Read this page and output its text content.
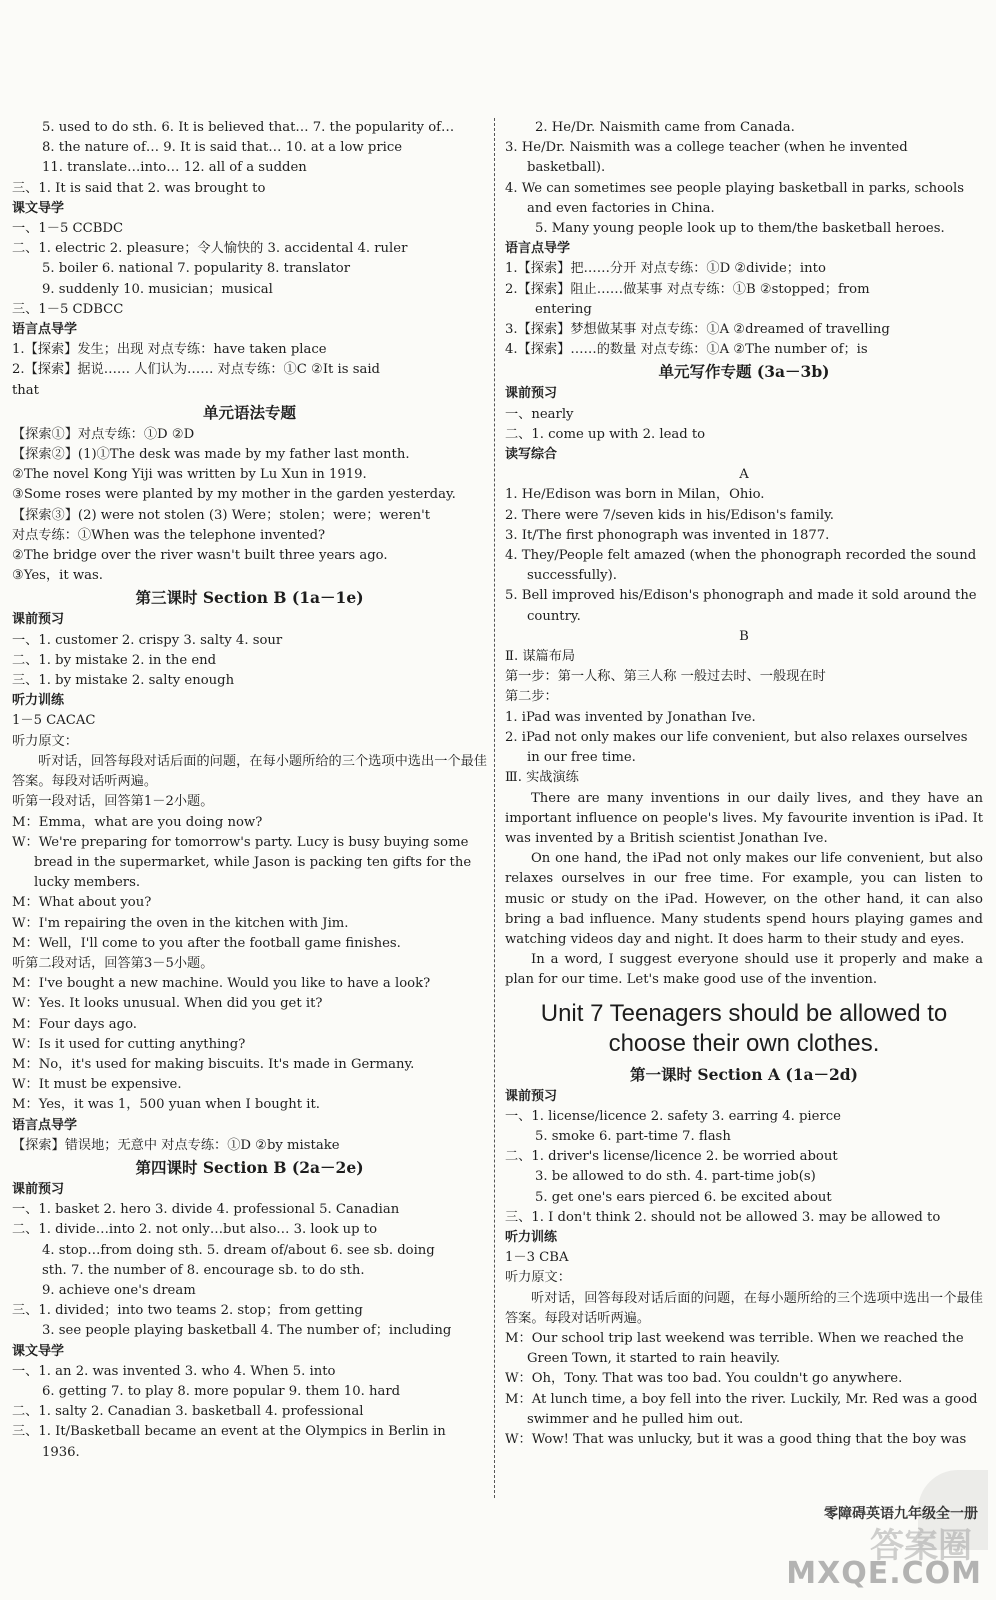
5. used to do sth. 6. It is believed that… 7. the popularity of…
8. the nature of… 9. It is said that… 10. at a low price
11. translate…into… 12. all of a sudden
三、1. It is said that 2. was brought to
课文导学
一、1－5 CCBDC
二、1. electric 2. pleasure；令人愉快的 3. accidental 4. ruler
5. boiler 6. national 7. popularity 8. translator
9. suddenly 10. musician；musical
三、1－5 CDBCC
语言点导学
1.【探索】发生；出现 对点专练：have taken place
2.【探索】据说…… 人们认为…… 对点专练：①C ②It is said
that
单元语法专题
【探索①】对点专练：①D ②D
【探索②】(1)①The desk was made by my father last month.
②The novel Kong Yiji was written by Lu Xun in 1919.
③Some roses were planted by my mother in the garden yesterday.
【探索③】(2) were not stolen (3) Were；stolen；were；weren't
对点专练：①When was the telephone invented?
②The bridge over the river wasn't built three years ago.
③Yes，it was.
第三课时 Section B (1a－1e)
课前预习
一、1. customer 2. crispy 3. salty 4. sour
二、1. by mistake 2. in the end
三、1. by mistake 2. salty enough
听力训练
1－5 CACAC
听力原文：
听对话，回答每段对话后面的问题，在每小题所给的三个选项中选出一个最佳答案。每段对话听两遍。
听第一段对话，回答第1－2小题。
M：Emma，what are you doing now?
W：We're preparing for tomorrow's party. Lucy is busy buying some bread in the supermarket, while Jason is packing ten gifts for the lucky members.
M：What about you?
W：I'm repairing the oven in the kitchen with Jim.
M：Well，I'll come to you after the football game finishes.
听第二段对话，回答第3－5小题。
M：I've bought a new machine. Would you like to have a look?
W：Yes. It looks unusual. When did you get it?
M：Four days ago.
W：Is it used for cutting anything?
M：No，it's used for making biscuits. It's made in Germany.
W：It must be expensive.
M：Yes，it was 1，500 yuan when I bought it.
语言点导学
【探索】错误地；无意中 对点专练：①D ②by mistake
第四课时 Section B (2a－2e)
课前预习
一、1. basket 2. hero 3. divide 4. professional 5. Canadian
二、1. divide…into 2. not only…but also… 3. look up to
4. stop…from doing sth. 5. dream of/about 6. see sb. doing
sth. 7. the number of 8. encourage sb. to do sth.
9. achieve one's dream
三、1. divided；into two teams 2. stop；from getting
3. see people playing basketball 4. The number of；including
课文导学
一、1. an 2. was invented 3. who 4. When 5. into
6. getting 7. to play 8. more popular 9. them 10. hard
二、1. salty 2. Canadian 3. basketball 4. professional
三、1. It/Basketball became an event at the Olympics in Berlin in
1936.
2. He/Dr. Naismith came from Canada.
3. He/Dr. Naismith was a college teacher (when he invented basketball).
4. We can sometimes see people playing basketball in parks, schools and even factories in China.
5. Many young people look up to them/the basketball heroes.
语言点导学
1.【探索】把……分开 对点专练：①D ②divide；into
2.【探索】阻止……做某事 对点专练：①B ②stopped；from
entering
3.【探索】梦想做某事 对点专练：①A ②dreamed of travelling
4.【探索】……的数量 对点专练：①A ②The number of；is
单元写作专题 (3a－3b)
课前预习
一、nearly
二、1. come up with 2. lead to
读写综合
A
1. He/Edison was born in Milan，Ohio.
2. There were 7/seven kids in his/Edison's family.
3. It/The first phonograph was invented in 1877.
4. They/People felt amazed (when the phonograph recorded the sound successfully).
5. Bell improved his/Edison's phonograph and made it sold around the country.
B
Ⅱ. 谋篇布局
第一步：第一人称、第三人称 一般过去时、一般现在时
第二步：
1. iPad was invented by Jonathan Ive.
2. iPad not only makes our life convenient, but also relaxes ourselves in our free time.
Ⅲ. 实战演练
There are many inventions in our daily lives, and they have an important influence on people's lives. My favourite invention is iPad. It was invented by a British scientist Jonathan Ive.
On one hand, the iPad not only makes our life convenient, but also relaxes ourselves in our free time. For example, you can listen to music or study on the iPad. However, on the other hand, it can also bring a bad influence. Many students spend hours playing games and watching videos day and night. It does harm to their study and eyes.
In a word, I suggest everyone should use it properly and make a plan for our time. Let's make good use of the invention.
Unit 7 Teenagers should be allowed to choose their own clothes.
第一课时 Section A (1a－2d)
课前预习
一、1. license/licence 2. safety 3. earring 4. pierce
5. smoke 6. part-time 7. flash
二、1. driver's license/licence 2. be worried about
3. be allowed to do sth. 4. part-time job(s)
5. get one's ears pierced 6. be excited about
三、1. I don't think 2. should not be allowed 3. may be allowed to
听力训练
1－3 CBA
听力原文：
听对话，回答每段对话后面的问题，在每小题所给的三个选项中选出一个最佳答案。每段对话听两遍。
M：Our school trip last weekend was terrible. When we reached the Green Town, it started to rain heavily.
W：Oh，Tony. That was too bad. You couldn't go anywhere.
M：At lunch time, a boy fell into the river. Luckily, Mr. Red was a good swimmer and he pulled him out.
W：Wow! That was unlucky, but it was a good thing that the boy was
零障碍英语九年级全一册
答案圈
MXQE.COM
